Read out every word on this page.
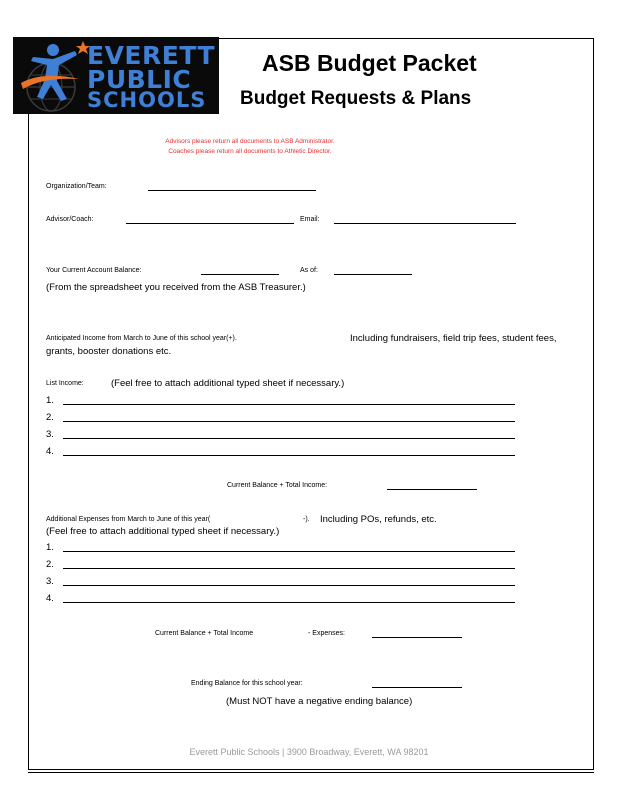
EVERETT
PUBLIC
SCHOOLS
ASB Budget Packet
Budget Requests & Plans
Advisors please return all documents to ASB Administrator.
Coaches please return all documents to Athletic Director.
Organization/Team:
Advisor/Coach:	Email:
Your Current Account Balance:	As of:
(From the spreadsheet you received from the ASB Treasurer.)
Anticipated Income from March to June of this school year(+).	Including fundraisers, field trip fees, student fees,
grants, booster donations etc.
List Income:	(Feel free to attach additional typed sheet if necessary.)
1.
2.
3.
4.
Current Balance + Total Income:
Additional Expenses from March to June of this year(	-). Including POs, refunds, etc.
(Feel free to attach additional typed sheet if necessary.)
1.
2.
3.
4.
Current Balance + Total Income	- Expenses:
Ending Balance for this school year:
(Must NOT have a negative ending balance)
Everett Public Schools | 3900 Broadway, Everett, WA 98201
